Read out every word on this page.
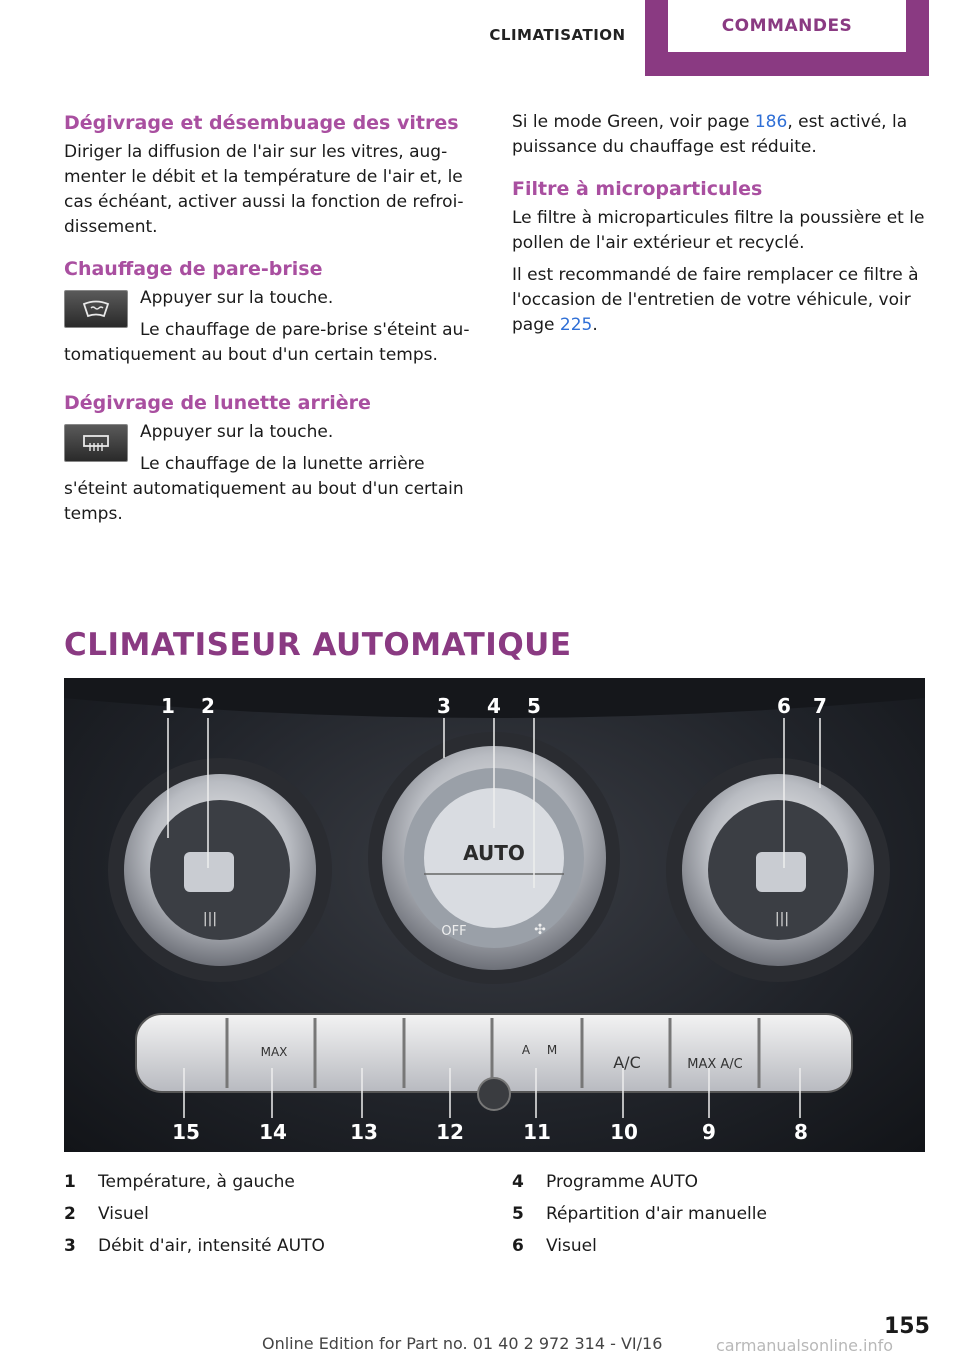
CLIMATISATION	COMMANDES
Dégivrage et désembuage des vitres

Diriger la diffusion de l'air sur les vitres, augmenter le débit et la température de l'air et, le cas échéant, activer aussi la fonction de refroidissement.

Chauffage de pare-brise

Appuyer sur la touche.

Le chauffage de pare-brise s'éteint automatiquement au bout d'un certain temps.

Dégivrage de lunette arrière

Appuyer sur la touche.

Le chauffage de la lunette arrière s'éteint automatiquement au bout d'un certain temps.

Si le mode Green, voir page 186, est activé, la puissance du chauffage est réduite.

Filtre à microparticules

Le filtre à microparticules filtre la poussière et le pollen de l'air extérieur et recyclé.

Il est recommandé de faire remplacer ce filtre à l'occasion de l'entretien de votre véhicule, voir page 225.

CLIMATISEUR AUTOMATIQUE
|||	|||
AUTO
OFF	✣
MAX
A/C	MAX A/C
A M
1 2	3 4 5	6 7
15	14	13	12	11	10	9	8
1	Température, à gauche
2	Visuel
3	Débit d'air, intensité AUTO
4	Programme AUTO
5	Répartition d'air manuelle
6	Visuel
155
Online Edition for Part no. 01 40 2 972 314 - VI/16	carmanualsonline.info
